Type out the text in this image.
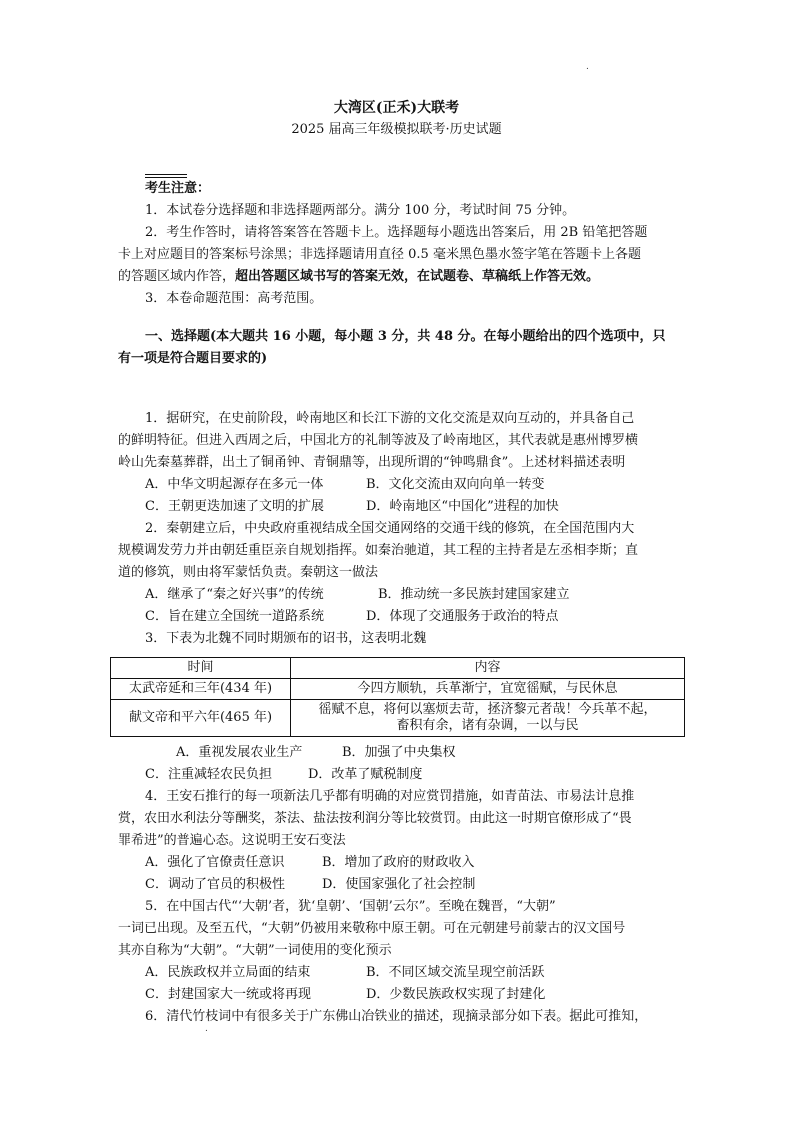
.
大湾区(正禾)大联考
2025 届高三年级模拟联考·历史试题
考生注意：
1．本试卷分选择题和非选择题两部分。满分 100 分，考试时间 75 分钟。
2．考生作答时，请将答案答在答题卡上。选择题每小题选出答案后，用 2B 铅笔把答题
卡上对应题目的答案标号涂黑；非选择题请用直径 0.5 毫米黑色墨水签字笔在答题卡上各题
的答题区域内作答，超出答题区域书写的答案无效，在试题卷、草稿纸上作答无效。
3．本卷命题范围：高考范围。
一、选择题(本大题共 16 小题，每小题 3 分，共 48 分。在每小题给出的四个选项中，只
有一项是符合题目要求的)
1．据研究，在史前阶段，岭南地区和长江下游的文化交流是双向互动的，并具备自己
的鲜明特征。但进入西周之后，中国北方的礼制等波及了岭南地区，其代表就是惠州博罗横
岭山先秦墓葬群，出土了铜甬钟、青铜鼎等，出现所谓的“钟鸣鼎食”。上述材料描述表明
A．中华文明起源存在多元一体	B．文化交流由双向向单一转变
C．王朝更迭加速了文明的扩展	D．岭南地区“中国化”进程的加快
2．秦朝建立后，中央政府重视结成全国交通网络的交通干线的修筑，在全国范围内大
规模调发劳力并由朝廷重臣亲自规划指挥。如秦治驰道，其工程的主持者是左丞相李斯；直
道的修筑，则由将军蒙恬负责。秦朝这一做法
A．继承了“秦之好兴事”的传统	B．推动统一多民族封建国家建立
C．旨在建立全国统一道路系统	D．体现了交通服务于政治的特点
3．下表为北魏不同时期颁布的诏书，这表明北魏
时间	内容
太武帝延和三年(434 年)	今四方顺轨，兵革渐宁，宜宽徭赋，与民休息
献文帝和平六年(465 年)	徭赋不息，将何以塞烦去苛，拯济黎元者哉！今兵革不起，
畜积有余，诸有杂调，一以与民
A．重视发展农业生产	B．加强了中央集权
C．注重减轻农民负担	D．改革了赋税制度
4．王安石推行的每一项新法几乎都有明确的对应赏罚措施，如青苗法、市易法计息推
赏，农田水利法分等酬奖，茶法、盐法按利润分等比较赏罚。由此这一时期官僚形成了“畏
罪希进”的普遍心态。这说明王安石变法
A．强化了官僚责任意识	B．增加了政府的财政收入
C．调动了官员的积极性	D．使国家强化了社会控制
5．在中国古代“‘大朝’者，犹‘皇朝’、‘国朝’云尔”。至晚在魏晋，“大朝”
一词已出现。及至五代，“大朝”仍被用来敬称中原王朝。可在元朝建号前蒙古的汉文国号
其亦自称为“大朝”。“大朝”一词使用的变化预示
A．民族政权并立局面的结束	B．不同区域交流呈现空前活跃
C．封建国家大一统或将再现	D．少数民族政权实现了封建化
6．清代竹枝词中有很多关于广东佛山冶铁业的描述，现摘录部分如下表。据此可推知，
.
